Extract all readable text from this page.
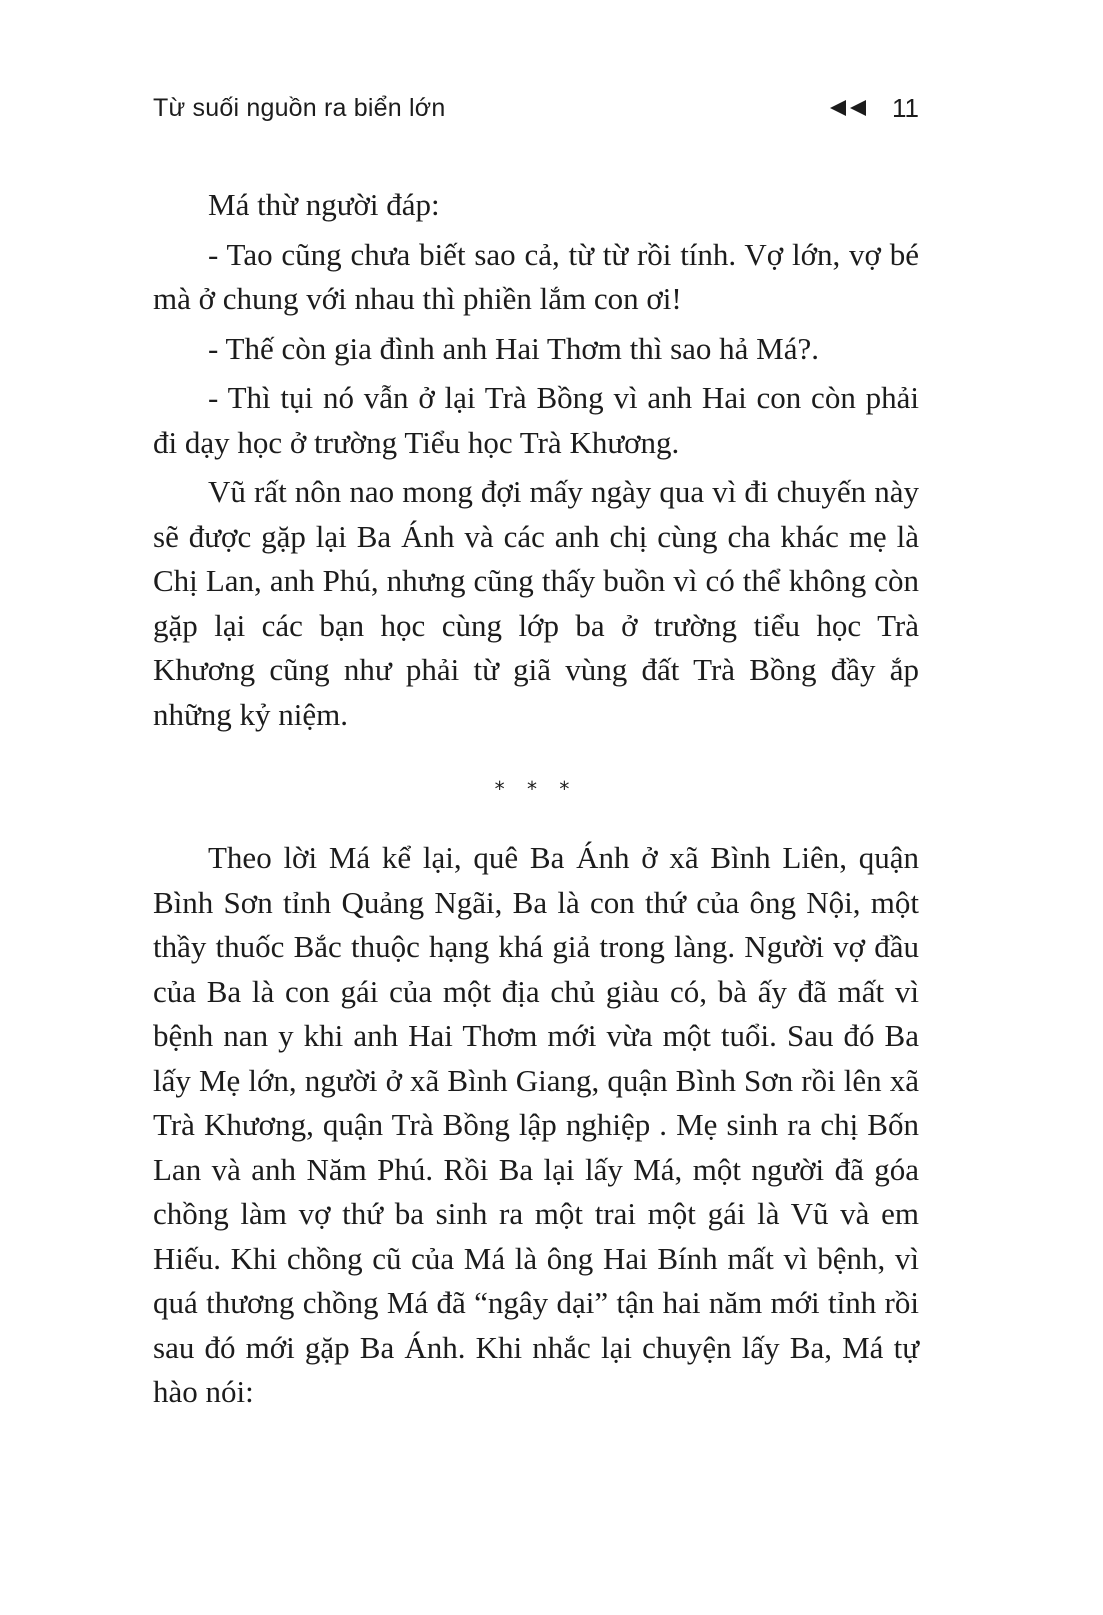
Từ suối nguồn ra biển lớn	11

Má thừ người đáp:

- Tao cũng chưa biết sao cả, từ từ rồi tính. Vợ lớn, vợ bé mà ở chung với nhau thì phiền lắm con ơi!

- Thế còn gia đình anh Hai Thơm thì sao hả Má?.

- Thì tụi nó vẫn ở lại Trà Bồng vì anh Hai con còn phải đi dạy học ở trường Tiểu học Trà Khương.

Vũ rất nôn nao mong đợi mấy ngày qua vì đi chuyến này sẽ được gặp lại Ba Ánh và các anh chị cùng cha khác mẹ là Chị Lan, anh Phú, nhưng cũng thấy buồn vì có thể không còn gặp lại các bạn học cùng lớp ba ở trường tiểu học Trà Khương cũng như phải từ giã vùng đất Trà Bồng đầy ắp những kỷ niệm.

* * *

Theo lời Má kể lại, quê Ba Ánh ở xã Bình Liên, quận Bình Sơn tỉnh Quảng Ngãi, Ba là con thứ của ông Nội, một thầy thuốc Bắc thuộc hạng khá giả trong làng. Người vợ đầu của Ba là con gái của một địa chủ giàu có, bà ấy đã mất vì bệnh nan y khi anh Hai Thơm mới vừa một tuổi. Sau đó Ba lấy Mẹ lớn, người ở xã Bình Giang, quận Bình Sơn rồi lên xã Trà Khương, quận Trà Bồng lập nghiệp . Mẹ sinh ra chị Bốn Lan và anh Năm Phú. Rồi Ba lại lấy Má, một người đã góa chồng làm vợ thứ ba sinh ra một trai một gái là Vũ và em Hiếu. Khi chồng cũ của Má là ông Hai Bính mất vì bệnh, vì quá thương chồng Má đã “ngây dại” tận hai năm mới tỉnh rồi sau đó mới gặp Ba Ánh. Khi nhắc lại chuyện lấy Ba, Má tự hào nói:
